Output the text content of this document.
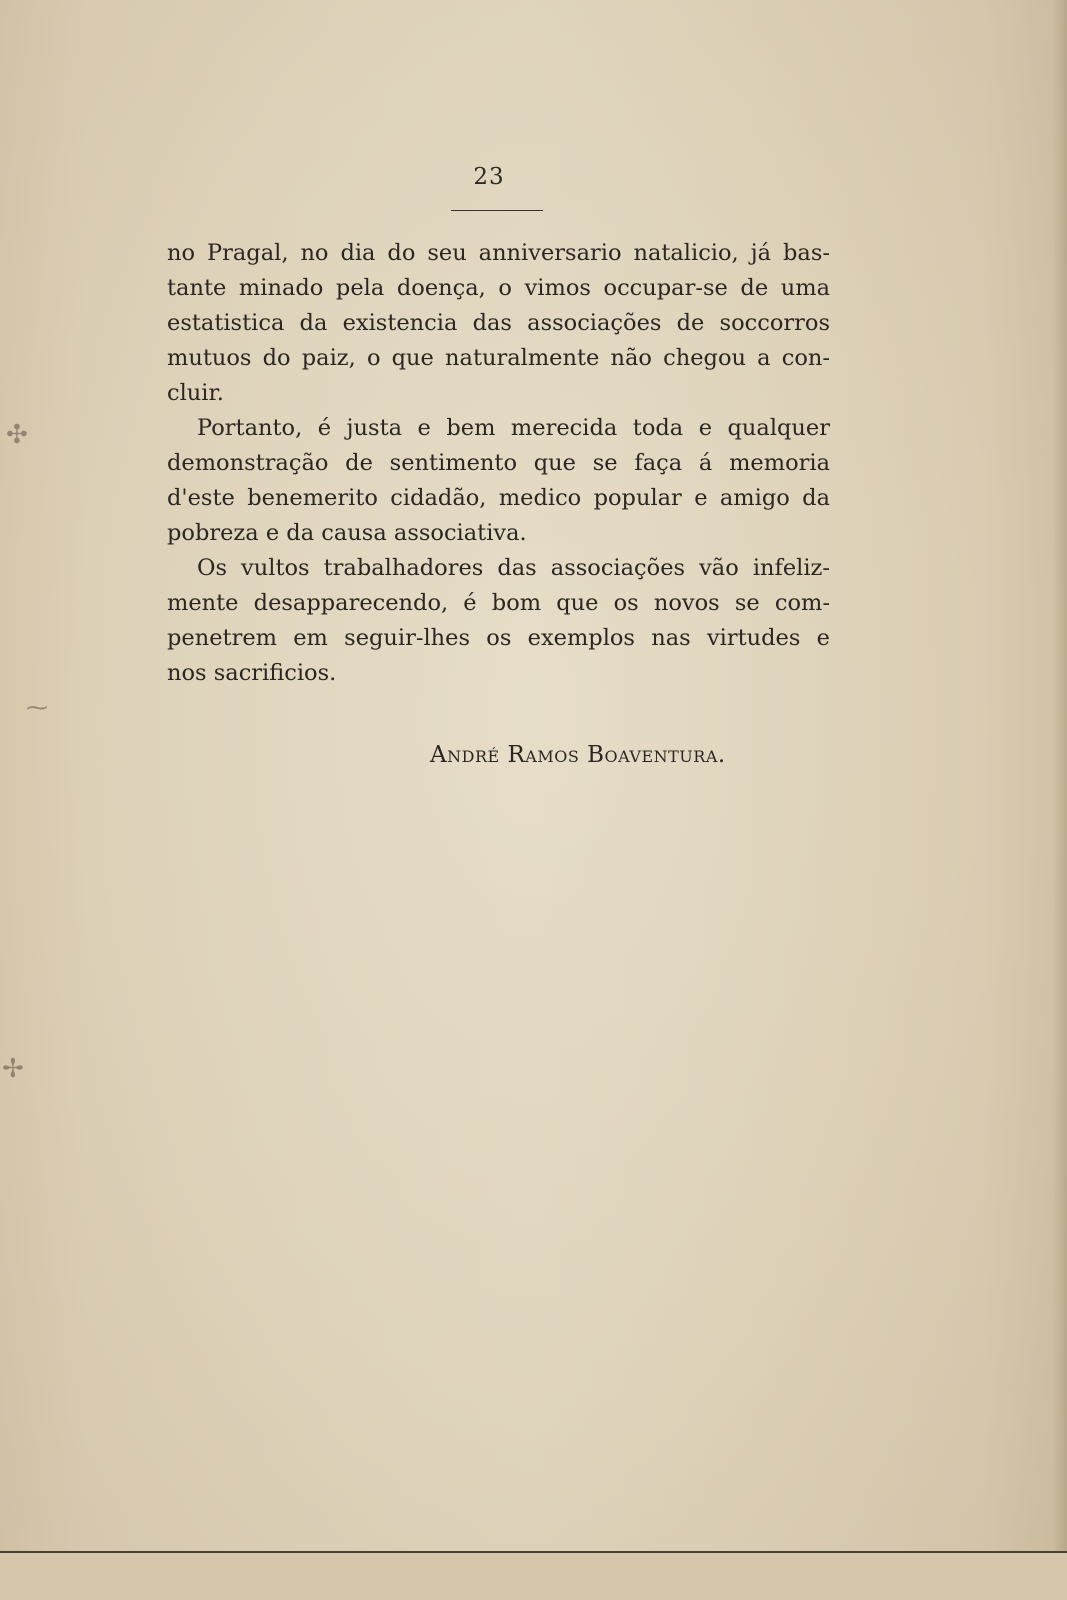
✣
⁓
✢
23
no Pragal, no dia do seu anniversario natalicio, já bas-
tante minado pela doença, o vimos occupar-se de uma
estatistica da existencia das associações de soccorros
mutuos do paiz, o que naturalmente não chegou a con-
cluir.
Portanto, é justa e bem merecida toda e qualquer
demonstração de sentimento que se faça á memoria
d'este benemerito cidadão, medico popular e amigo da
pobreza e da causa associativa.
Os vultos trabalhadores das associações vão infeliz-
mente desapparecendo, é bom que os novos se com-
penetrem em seguir-lhes os exemplos nas virtudes e
nos sacrificios.
André Ramos Boaventura.
